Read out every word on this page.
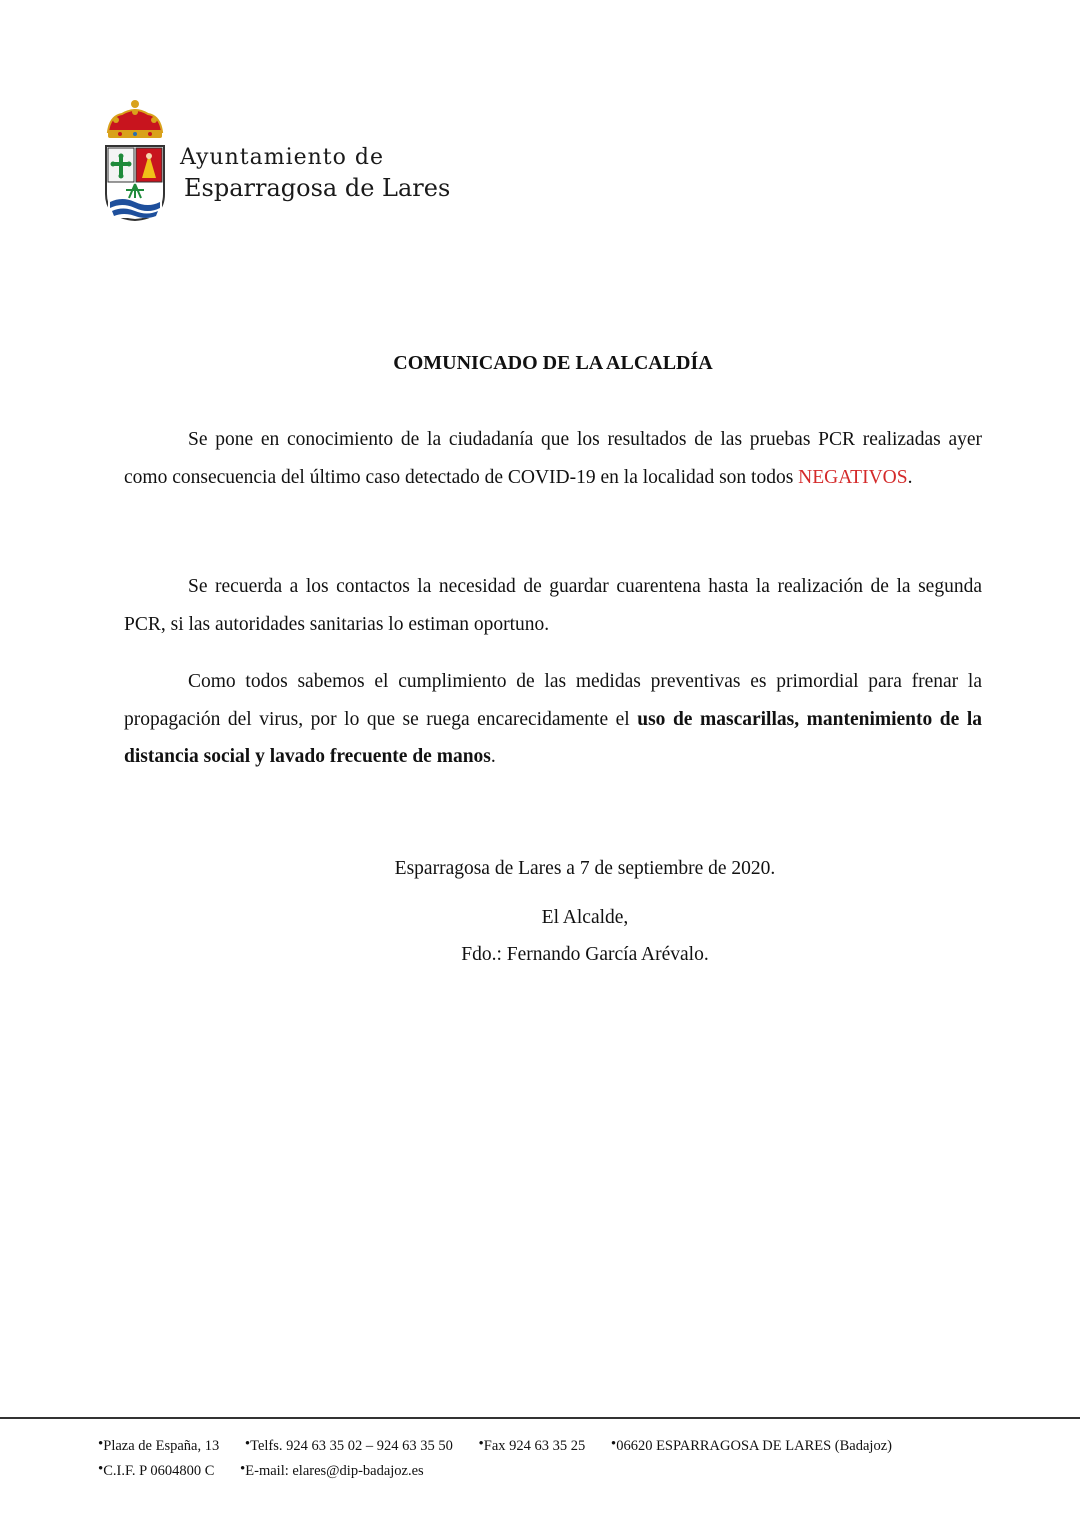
Ayuntamiento de
Esparragosa de Lares
COMUNICADO DE LA ALCALDÍA
Se pone en conocimiento de la ciudadanía que los resultados de las pruebas PCR realizadas ayer como consecuencia del último caso detectado de COVID-19 en la localidad son todos NEGATIVOS.
Se recuerda a los contactos la necesidad de guardar cuarentena hasta la realización de la segunda PCR, si las autoridades sanitarias lo estiman oportuno.
Como todos sabemos el cumplimiento de las medidas preventivas es primordial para frenar la propagación del virus, por lo que se ruega encarecidamente el uso de mascarillas, mantenimiento de la distancia social y lavado frecuente de manos.
Esparragosa de Lares a 7 de septiembre de 2020.
El Alcalde,
Fdo.: Fernando García Arévalo.
• Plaza de España, 13 • Telfs. 924 63 35 02 – 924 63 35 50 • Fax 924 63 35 25 • 06620 ESPARRAGOSA DE LARES (Badajoz)
• C.I.F. P 0604800 C • E-mail: elares@dip-badajoz.es
